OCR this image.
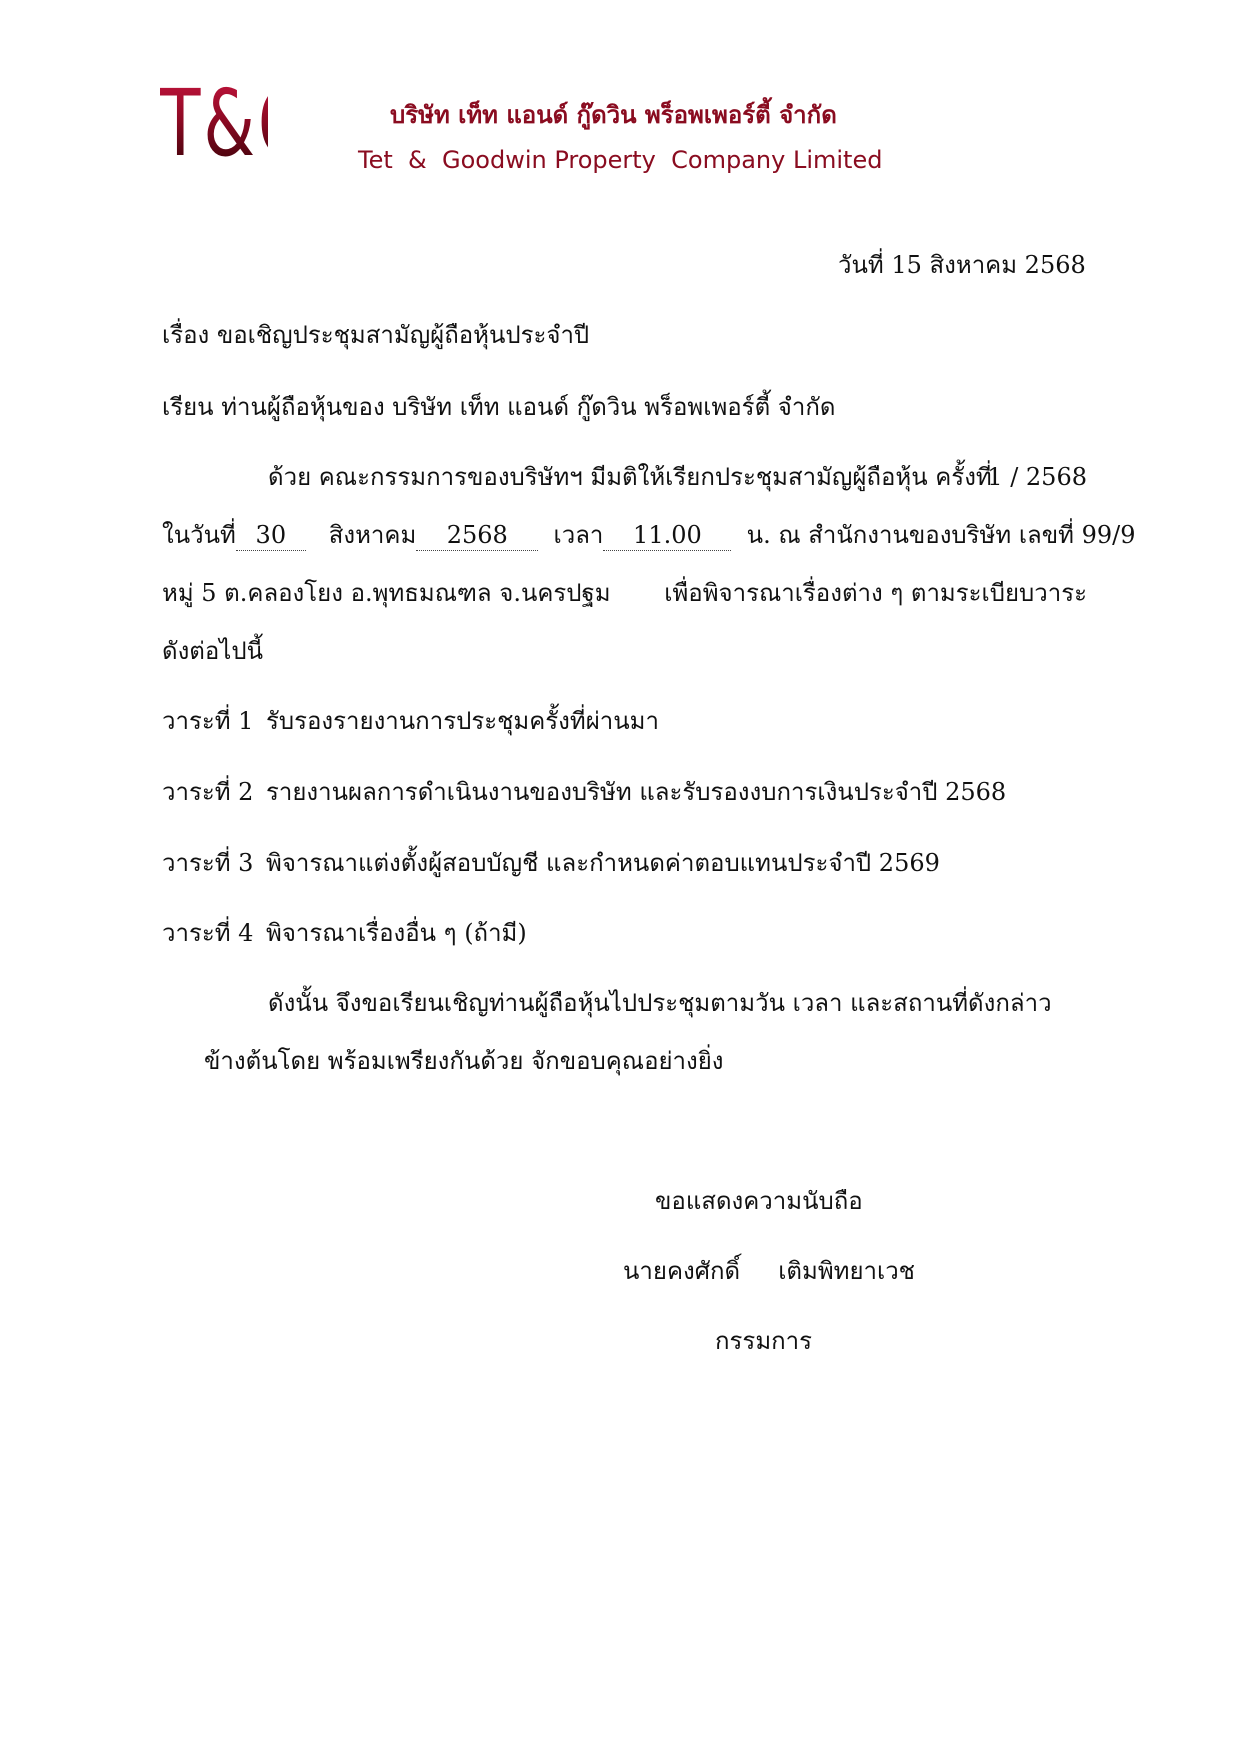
T&G	บริษัท เท็ท แอนด์ กู๊ดวิน พร็อพเพอร์ตี้ จำกัด
Tet  &  Goodwin Property  Company Limited
วันที่ 15 สิงหาคม 2568
เรื่อง ขอเชิญประชุมสามัญผู้ถือหุ้นประจำปี
เรียน ท่านผู้ถือหุ้นของ บริษัท เท็ท แอนด์ กู๊ดวิน พร็อพเพอร์ตี้ จำกัด
ด้วย คณะกรรมการของบริษัทฯ มีมติให้เรียกประชุมสามัญผู้ถือหุ้น ครั้งที่
1 / 2568
ในวันที่ 30 สิงหาคม 2568 เวลา 11.00 น. ณ สำนักงานของบริษัท เลขที่ 99/9
หมู่ 5 ต.คลองโยง อ.พุทธมณฑล จ.นครปฐม เพื่อพิจารณาเรื่องต่าง ๆ ตามระเบียบวาระ
ดังต่อไปนี้
วาระที่ 1 รับรองรายงานการประชุมครั้งที่ผ่านมา
วาระที่ 2 รายงานผลการดำเนินงานของบริษัท และรับรองงบการเงินประจำปี 2568
วาระที่ 3 พิจารณาแต่งตั้งผู้สอบบัญชี และกำหนดค่าตอบแทนประจำปี 2569
วาระที่ 4 พิจารณาเรื่องอื่น ๆ (ถ้ามี)
ดังนั้น จึงขอเรียนเชิญท่านผู้ถือหุ้นไปประชุมตามวัน เวลา และสถานที่ดังกล่าว
ข้างต้นโดย พร้อมเพรียงกันด้วย จักขอบคุณอย่างยิ่ง
ขอแสดงความนับถือ
นายคงศักดิ์     เติมพิทยาเวช
กรรมการ
